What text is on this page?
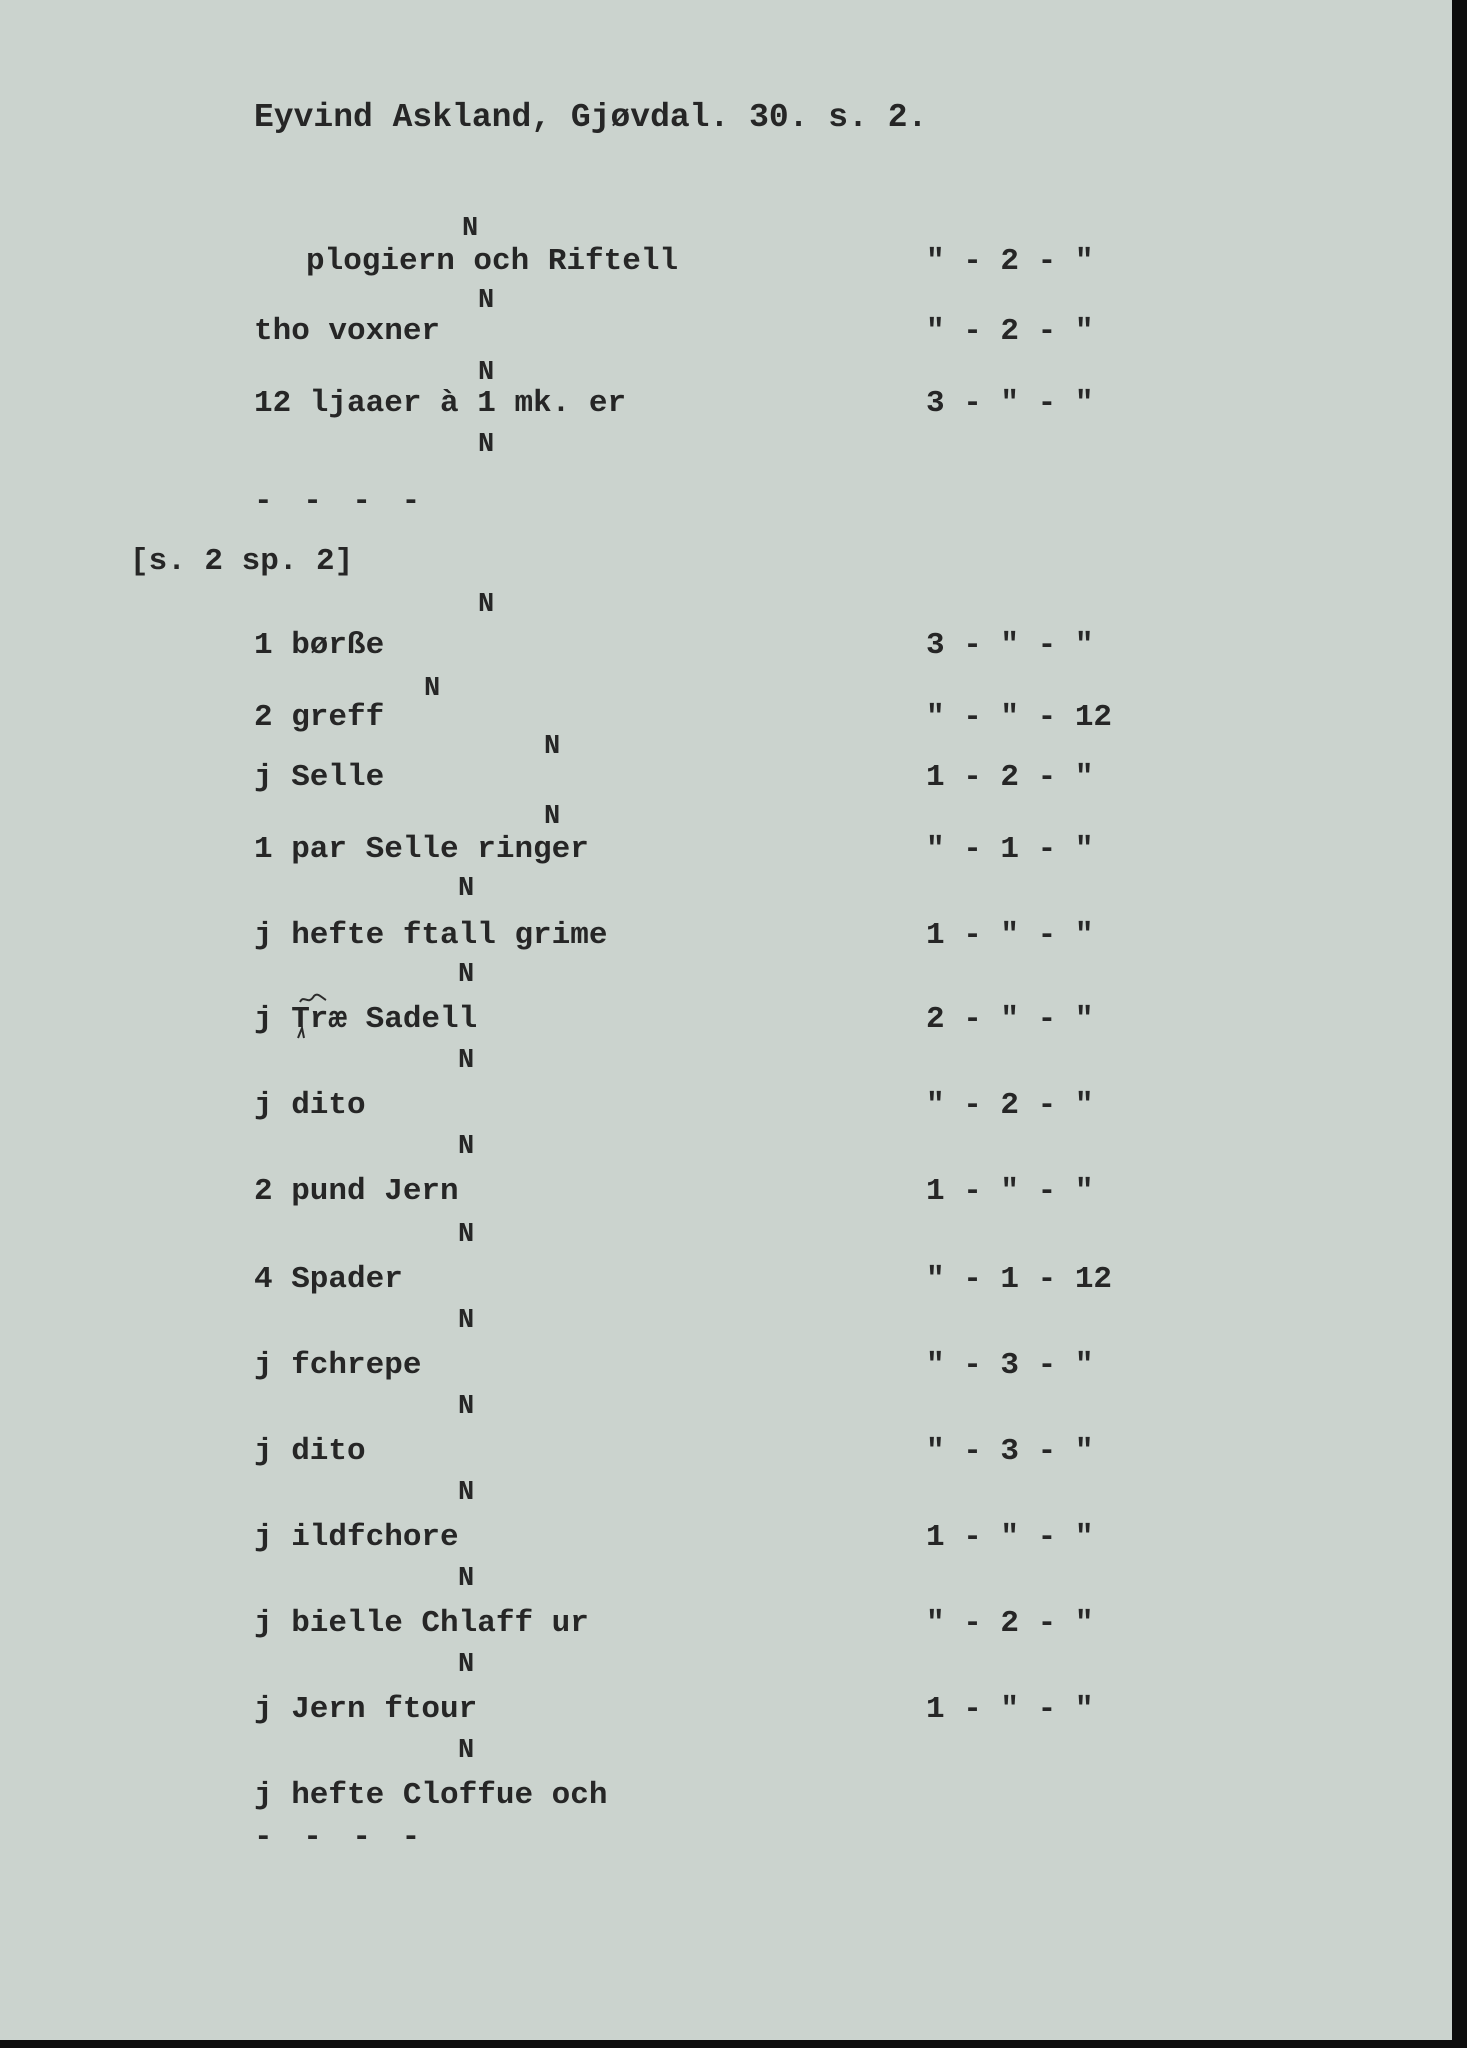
Eyvind Askland, Gjøvdal. 30. s. 2.
N
plogiern och Riftell	" - 2 - "
N
tho voxner	" - 2 - "
N
12 ljaaer à 1 mk. er	3 - " - "
N
- - - -
[s. 2 sp. 2]
N
1 børße	3 - " - "
N
2 greff	" - " - 12
N
j Selle	1 - 2 - "
N
1 par Selle ringer	" - 1 - "
N
j hefte ftall grime	1 - " - "
N
j Træ Sadell	2 - " - "
N
j dito	" - 2 - "
N
2 pund Jern	1 - " - "
N
4 Spader	" - 1 - 12
N
j fchrepe	" - 3 - "
N
j dito	" - 3 - "
N
j ildfchore	1 - " - "
N
j bielle Chlaff ur	" - 2 - "
N
j Jern ftour	1 - " - "
N
j hefte Cloffue och
- - - -
